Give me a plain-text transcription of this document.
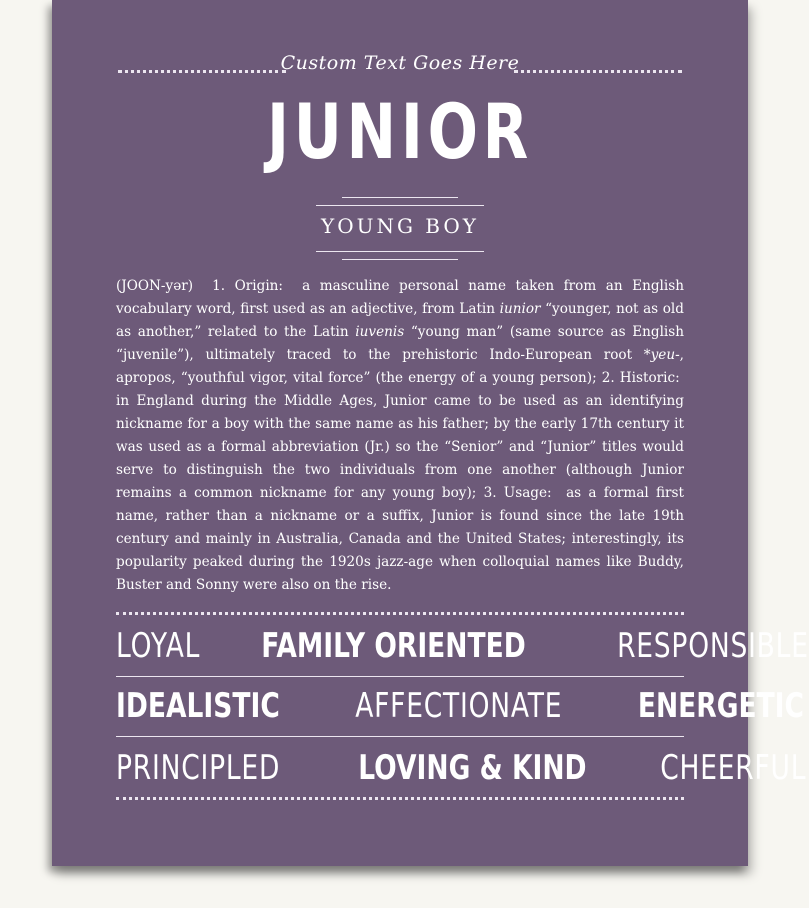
Custom Text Goes Here
JUNIOR
YOUNG BOY
(JOON-yər) 1. Origin: a masculine personal name taken from an English vocabulary word, first used as an adjective, from Latin iunior “younger, not as old as another,” related to the Latin iuvenis “young man” (same source as English “juvenile”), ultimately traced to the prehistoric Indo-European root *yeu-, apropos, “youthful vigor, vital force” (the energy of a young person); 2. Historic:  in England during the Middle Ages, Junior came to be used as an identifying nickname for a boy with the same name as his father; by the early 17th century it was used as a formal abbreviation (Jr.) so the “Senior” and “Junior” titles would serve to distinguish the two individuals from one another (although Junior remains a common nickname for any young boy); 3. Usage: as a formal first name, rather than a nickname or a suffix, Junior is found since the late 19th century and mainly in Australia, Canada and the United States; interestingly, its popularity peaked during the 1920s jazz-age when colloquial names like Buddy, Buster and Sonny were also on the rise.
LOYAL FAMILY ORIENTED	RESPONSIBLE
IDEALISTIC AFFECTIONATE ENERGETIC
PRINCIPLED LOVING & KIND CHEERFUL
